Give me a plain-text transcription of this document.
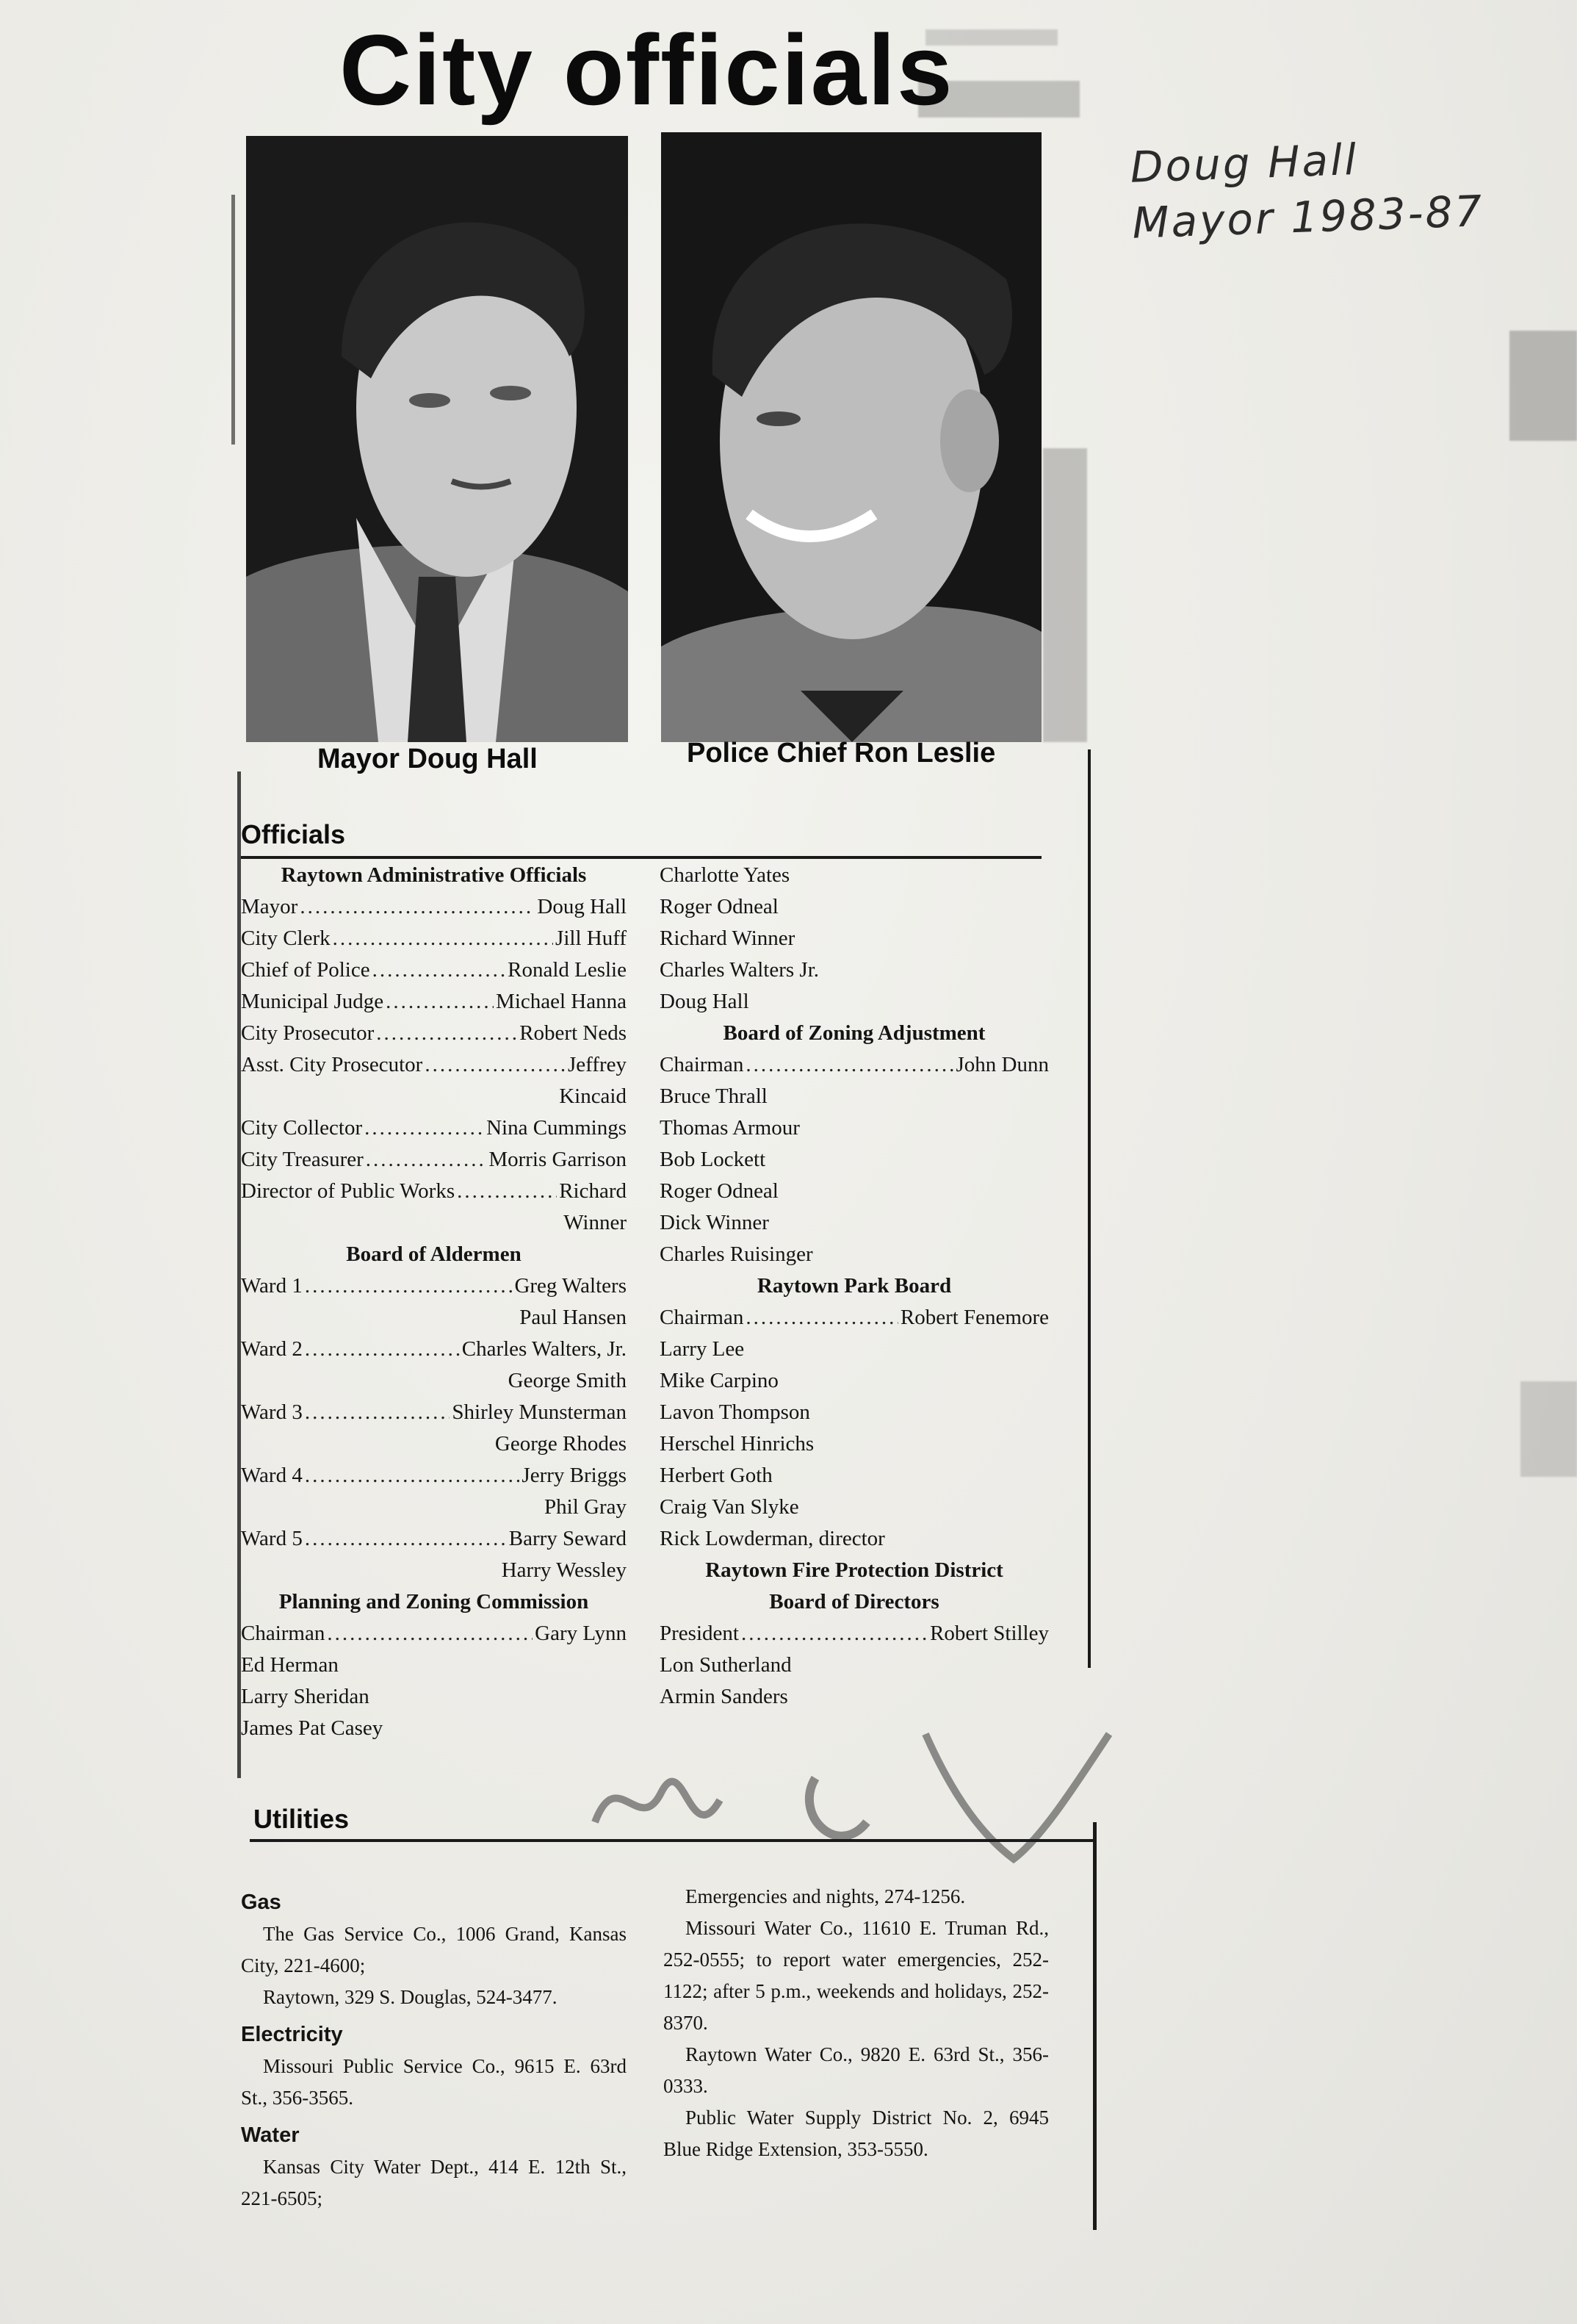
City officials
Doug Hall
Mayor 1983-87
Mayor Doug Hall	Police Chief Ron Leslie
Officials
Raytown Administrative Officials
Mayor .....	Doug Hall
City Clerk .....	Jill Huff
Chief of Police .....	Ronald Leslie
Municipal Judge .....	Michael Hanna
City Prosecutor .....	Robert Neds
Asst. City Prosecutor .....	Jeffrey
Kincaid
City Collector .....	Nina Cummings
City Treasurer .....	Morris Garrison
Director of Public Works .....	Richard
Winner
Board of Aldermen
Ward 1 .....	Greg Walters
Paul Hansen
Ward 2 .....	Charles Walters, Jr.
George Smith
Ward 3 .....	Shirley Munsterman
George Rhodes
Ward 4 .....	Jerry Briggs
Phil Gray
Ward 5 .....	Barry Seward
Harry Wessley
Planning and Zoning Commission
Chairman .....	Gary Lynn
Ed Herman
Larry Sheridan
James Pat Casey
Charlotte Yates
Roger Odneal
Richard Winner
Charles Walters Jr.
Doug Hall
Board of Zoning Adjustment
Chairman .....	John Dunn
Bruce Thrall
Thomas Armour
Bob Lockett
Roger Odneal
Dick Winner
Charles Ruisinger
Raytown Park Board
Chairman .....	Robert Fenemore
Larry Lee
Mike Carpino
Lavon Thompson
Herschel Hinrichs
Herbert Goth
Craig Van Slyke
Rick Lowderman, director
Raytown Fire Protection District
Board of Directors
President .....	Robert Stilley
Lon Sutherland
Armin Sanders
Utilities
Gas
The Gas Service Co., 1006 Grand, Kansas City, 221-4600;
Raytown, 329 S. Douglas, 524-3477.
Electricity
Missouri Public Service Co., 9615 E. 63rd St., 356-3565.
Water
Kansas City Water Dept., 414 E. 12th St., 221-6505;
Emergencies and nights, 274-1256.
Missouri Water Co., 11610 E. Truman Rd., 252-0555; to report water emergencies, 252-1122; after 5 p.m., weekends and holidays, 252-8370.
Raytown Water Co., 9820 E. 63rd St., 356-0333.
Public Water Supply District No. 2, 6945 Blue Ridge Extension, 353-5550.
